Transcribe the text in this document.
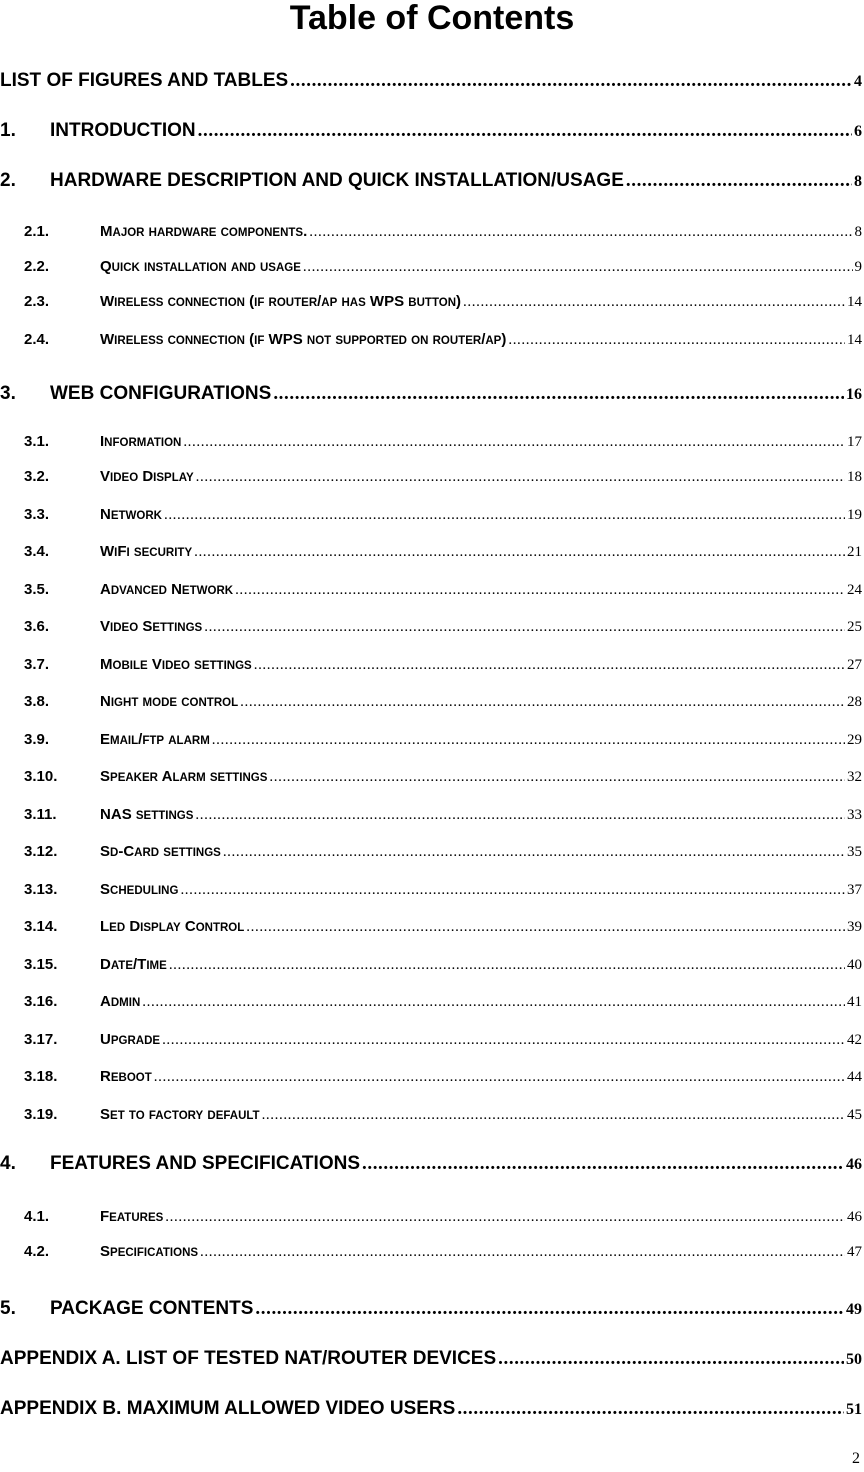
Table of Contents
LIST OF FIGURES AND TABLES .....	4
1.	INTRODUCTION .....	6
2.	HARDWARE DESCRIPTION AND QUICK INSTALLATION/USAGE .....	8
2.1.	MAJOR HARDWARE COMPONENTS. .....	8
2.2.	QUICK INSTALLATION AND USAGE .....	9
2.3.	WIRELESS CONNECTION (IF ROUTER/AP HAS WPS BUTTON) .....	14
2.4.	WIRELESS CONNECTION (IF WPS NOT SUPPORTED ON ROUTER/AP) .....	14
3.	WEB CONFIGURATIONS .....	16
3.1.	INFORMATION .....	17
3.2.	VIDEO DISPLAY .....	18
3.3.	NETWORK .....	19
3.4.	WIFI SECURITY .....	21
3.5.	ADVANCED NETWORK .....	24
3.6.	VIDEO SETTINGS .....	25
3.7.	MOBILE VIDEO SETTINGS .....	27
3.8.	NIGHT MODE CONTROL .....	28
3.9.	EMAIL/FTP ALARM .....	29
3.10.	SPEAKER ALARM SETTINGS .....	32
3.11.	NAS SETTINGS .....	33
3.12.	SD-CARD SETTINGS .....	35
3.13.	SCHEDULING .....	37
3.14.	LED DISPLAY CONTROL .....	39
3.15.	DATE/TIME .....	40
3.16.	ADMIN .....	41
3.17.	UPGRADE .....	42
3.18.	REBOOT .....	44
3.19.	SET TO FACTORY DEFAULT .....	45
4.	FEATURES AND SPECIFICATIONS .....	46
4.1.	FEATURES .....	46
4.2.	SPECIFICATIONS .....	47
5.	PACKAGE CONTENTS .....	49
APPENDIX A. LIST OF TESTED NAT/ROUTER DEVICES .....	50
APPENDIX B. MAXIMUM ALLOWED VIDEO USERS .....	51
2
